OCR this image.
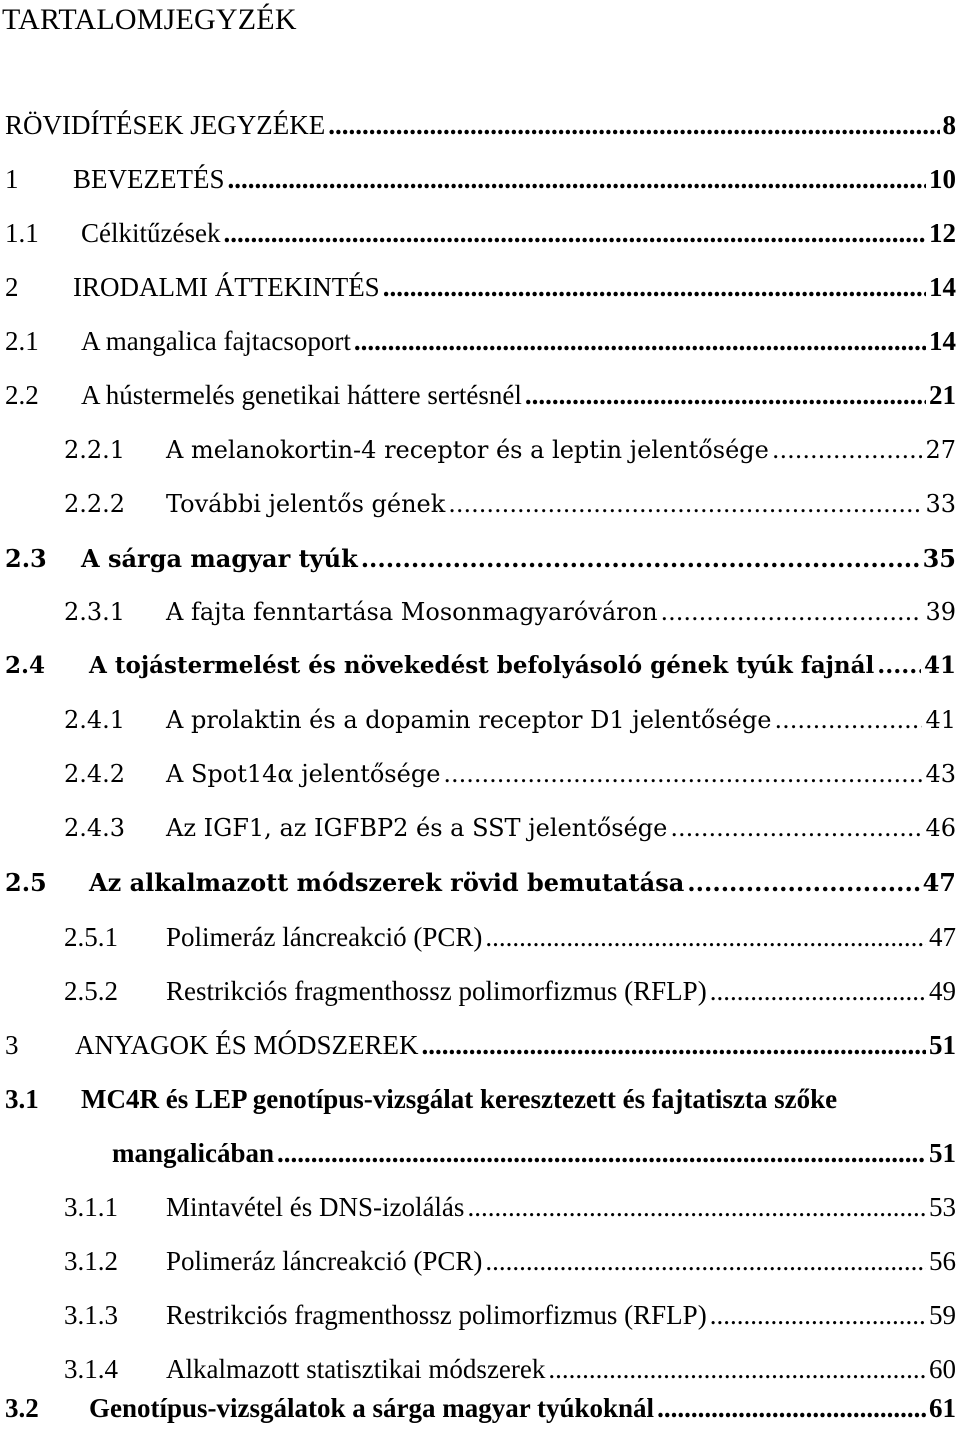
TARTALOMJEGYZÉK
RÖVIDÍTÉSEK JEGYZÉKE .....	8
1	BEVEZETÉS .....	10
1.1	Célkitűzések .....	12
2	IRODALMI ÁTTEKINTÉS .....	14
2.1	A mangalica fajtacsoport .....	14
2.2	A hústermelés genetikai háttere sertésnél .....	21
2.2.1	A melanokortin-4 receptor és a leptin jelentősége .....	27
2.2.2	További jelentős gének .....	33
2.3	A sárga magyar tyúk .....	35
2.3.1	A fajta fenntartása Mosonmagyaróváron .....	39
2.4	A tojástermelést és növekedést befolyásoló gének tyúk fajnál ..... 41
2.4.1	A prolaktin és a dopamin receptor D1 jelentősége .....	41
2.4.2	A Spot14α jelentősége .....	43
2.4.3	Az IGF1, az IGFBP2 és a SST jelentősége .....	46
2.5	Az alkalmazott módszerek rövid bemutatása .....	47
2.5.1	Polimeráz láncreakció (PCR) .....	47
2.5.2	Restrikciós fragmenthossz polimorfizmus (RFLP) .....	49
3	ANYAGOK ÉS MÓDSZEREK .....	51
3.1	MC4R és LEP genotípus-vizsgálat keresztezett és fajtatiszta szőke
mangalicában .....	51
3.1.1	Mintavétel és DNS-izolálás .....	53
3.1.2	Polimeráz láncreakció (PCR) .....	56
3.1.3	Restrikciós fragmenthossz polimorfizmus (RFLP) .....	59
3.1.4	Alkalmazott statisztikai módszerek .....	60
3.2	Genotípus-vizsgálatok a sárga magyar tyúkoknál .....	61
